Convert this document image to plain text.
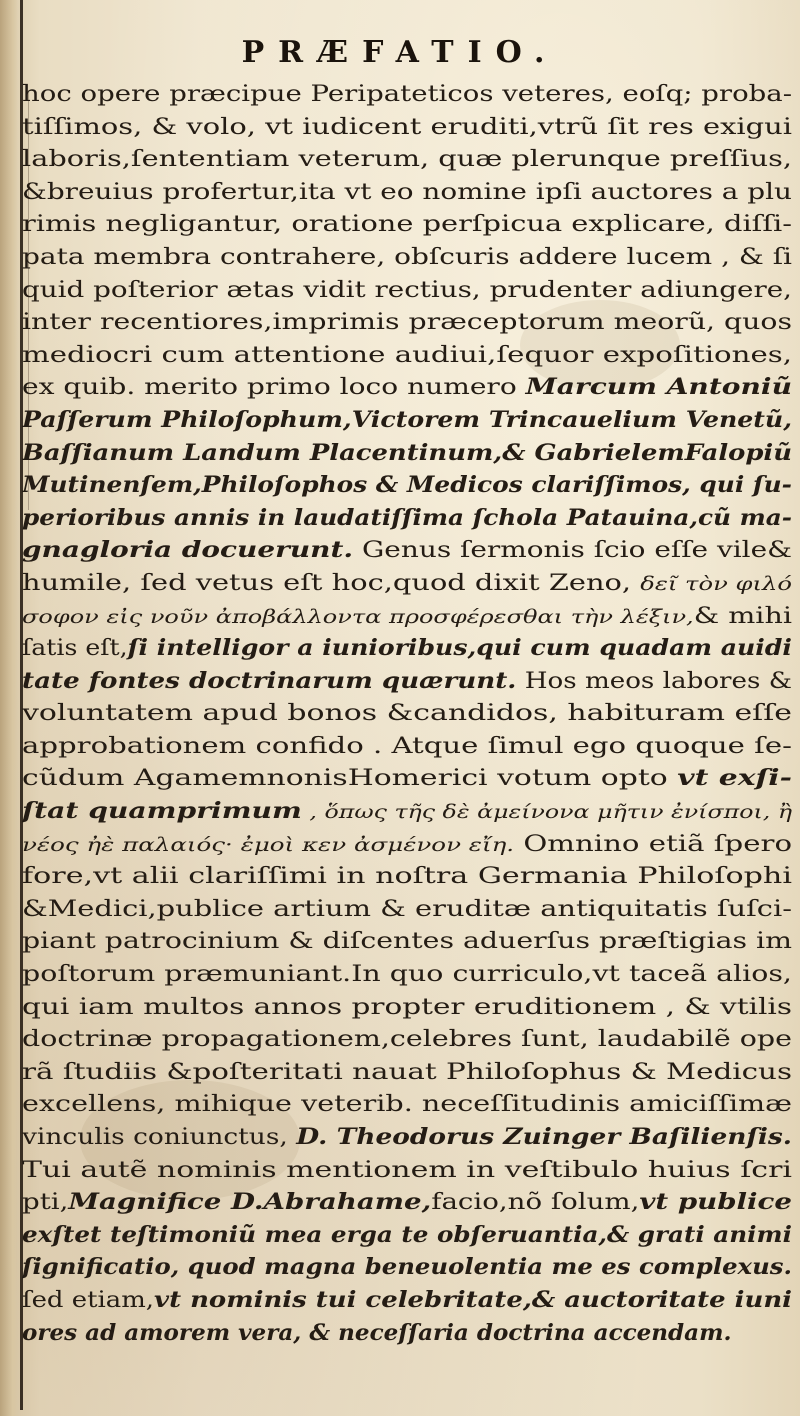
PRÆFATIO.
hoc opere præcipue Peripateticos veteres, eoſq; proba-
tiſſimos, & volo, vt iudicent eruditi,vtrũ ſit res exigui
laboris,ſententiam veterum, quæ plerunque preſſius,
&breuius profertur,ita vt eo nomine ipſi auctores a plu
rimis negligantur, oratione perſpicua explicare, diſſi-
pata membra contrahere, obſcuris addere lucem , & ſi
quid poſterior ætas vidit rectius, prudenter adiungere,
inter recentiores,imprimis præceptorum meorũ, quos
mediocri cum attentione audiui,ſequor expoſitiones,
ex quib. merito primo loco numero Marcum Antoniũ
Paſſerum Philoſophum,Victorem Trincauelium Venetũ,
Baſſianum Landum Placentinum,& GabrielemFalopiũ
Mutinenſem,Philoſophos & Medicos clariſſimos, qui ſu-
perioribus annis in laudatiſſima ſchola Patauina,cũ ma-
gnagloria docuerunt. Genus ſermonis ſcio eſſe vile&
humile, ſed vetus eſt hoc,quod dixit Zeno, δεῖ τὸν φιλό
σοφον εἰς νοῦν ἀποβάλλοντα προσφέρεσθαι τὴν λέξιν,& mihi
ſatis eſt,ſi intelligor a iunioribus,qui cum quadam auidi
tate fontes doctrinarum quærunt. Hos meos labores &
voluntatem apud bonos &candidos, habituram eſſe
approbationem confido . Atque ſimul ego quoque ſe-
cũdum AgamemnonisHomerici votum opto vt exſi-
ſtat quamprimum , ὅπως τῆς δὲ ἀμείνονα μῆτιν ἐνίσποι, ἢ
νέος ἠὲ παλαιός· ἐμοὶ κεν ἀσμένον εἴη. Omnino etiã ſpero
fore,vt alii clariſſimi in noſtra Germania Philoſophi
&Medici,publice artium & eruditæ antiquitatis ſuſci-
piant patrocinium & diſcentes aduerſus præſtigias im
poſtorum præmuniant.In quo curriculo,vt taceã alios,
qui iam multos annos propter eruditionem , & vtilis
doctrinæ propagationem,celebres ſunt, laudabilẽ ope
rã ſtudiis &poſteritati nauat Philoſophus & Medicus
excellens, mihique veterib. neceſſitudinis amiciſſimæ
vinculis coniunctus, D. Theodorus Zuinger Baſilienſis.
Tui autẽ nominis mentionem in veſtibulo huius ſcri
pti,Magnifice D.Abrahame,facio,nõ ſolum,vt publice
exſtet teſtimoniũ mea erga te obſeruantia,& grati animi
ſignificatio, quod magna beneuolentia me es complexus.
ſed etiam,vt nominis tui celebritate,& auctoritate iuni
ores ad amorem vera, & neceſſaria doctrina accendam.
